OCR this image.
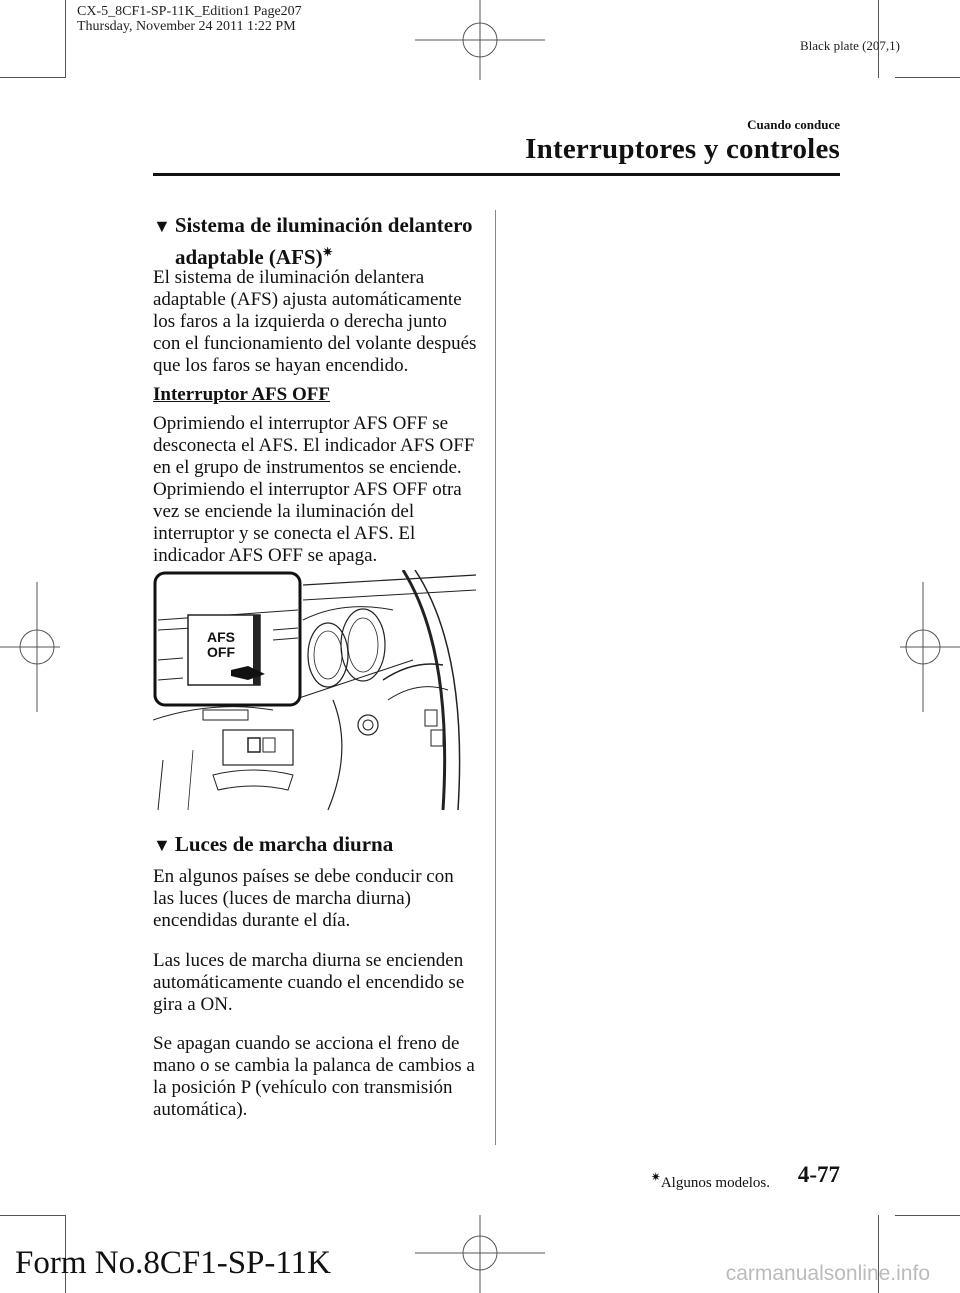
CX-5_8CF1-SP-11K_Edition1 Page207
Thursday, November 24 2011 1:22 PM
Black plate (207,1)
Cuando conduce
Interruptores y controles
▼ Sistema de iluminación delantero
adaptable (AFS)✷

El sistema de iluminación delantera
adaptable (AFS) ajusta automáticamente
los faros a la izquierda o derecha junto
con el funcionamiento del volante después
que los faros se hayan encendido.

Interruptor AFS OFF

Oprimiendo el interruptor AFS OFF se
desconecta el AFS. El indicador AFS OFF
en el grupo de instrumentos se enciende.
Oprimiendo el interruptor AFS OFF otra
vez se enciende la iluminación del
interruptor y se conecta el AFS. El
indicador AFS OFF se apaga.

AFS
OFF
▼ Luces de marcha diurna

En algunos países se debe conducir con
las luces (luces de marcha diurna)
encendidas durante el día.

Las luces de marcha diurna se encienden
automáticamente cuando el encendido se
gira a ON.

Se apagan cuando se acciona el freno de
mano o se cambia la palanca de cambios a
la posición P (vehículo con transmisión
automática).

✷Algunos modelos. 4-77
Form No.8CF1-SP-11K	carmanualsonline.info
